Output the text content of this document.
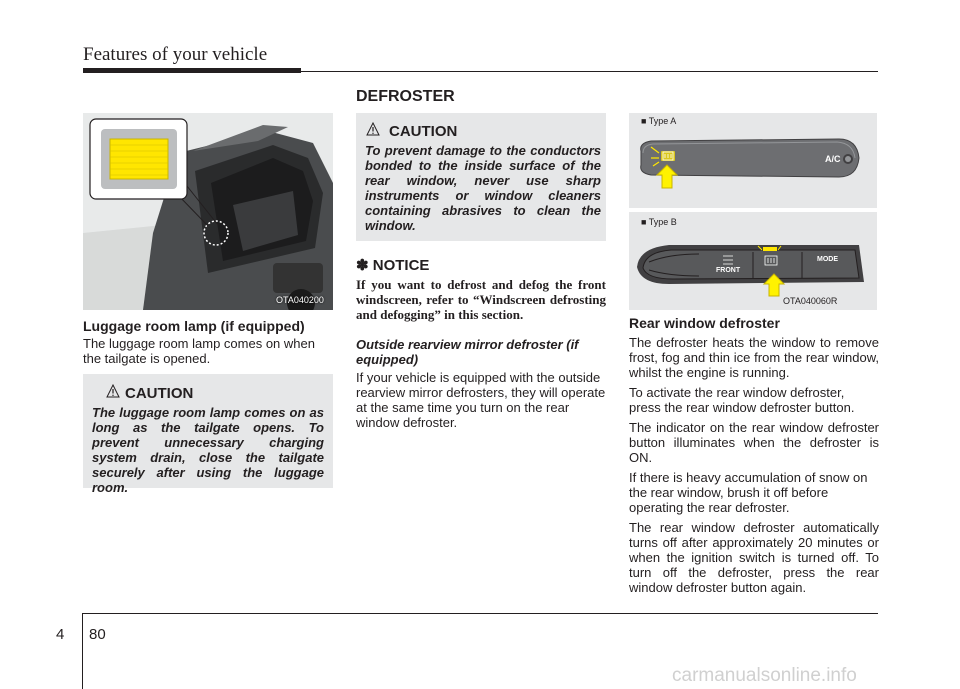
Features of your vehicle
DEFROSTER
OTA040200
Luggage room lamp (if equipped)
The luggage room lamp comes on when the tailgate is opened.
CAUTION
The luggage room lamp comes on as long as the tailgate opens. To prevent unnecessary charging system drain, close the tailgate securely after using the luggage room.
CAUTION
To prevent damage to the conductors bonded to the inside surface of the rear window, never use sharp instruments or window cleaners containing abrasives to clean the window.
✽ NOTICE
If you want to defrost and defog the front windscreen, refer to “Windscreen defrosting and defogging” in this section.
Outside rearview mirror defroster (if equipped)
If your vehicle is equipped with the outside rearview mirror defrosters, they will operate at the same time you turn on the rear window defroster.
■ Type A
A/C
■ Type B
FRONT
MODE
OTA040060R
Rear window defroster

The defroster heats the window to remove frost, fog and thin ice from the rear window, whilst the engine is running.

To activate the rear window defroster, press the rear window defroster button.

The indicator on the rear window defroster button illuminates when the defroster is ON.

If there is heavy accumulation of snow on the rear window, brush it off before operating the rear defroster.

The rear window defroster automatically turns off after approximately 20 minutes or when the ignition switch is turned off. To turn off the defroster, press the rear window defroster button again.

4 80
carmanualsonline.info
